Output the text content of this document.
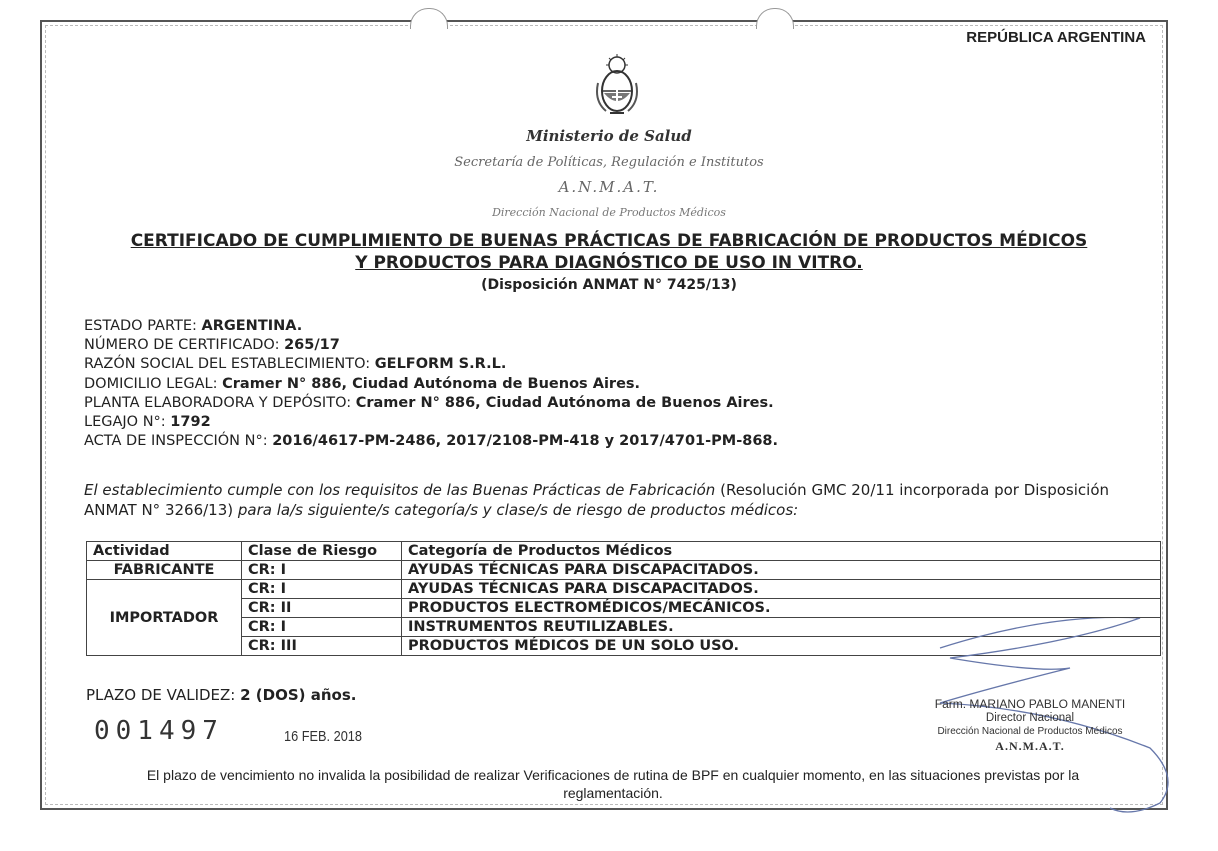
REPÚBLICA ARGENTINA
Ministerio de Salud
Secretaría de Políticas, Regulación e Institutos
A.N.M.A.T.
Dirección Nacional de Productos Médicos
CERTIFICADO DE CUMPLIMIENTO DE BUENAS PRÁCTICAS DE FABRICACIÓN DE PRODUCTOS MÉDICOS
Y PRODUCTOS PARA DIAGNÓSTICO DE USO IN VITRO.
(Disposición ANMAT N° 7425/13)
ESTADO PARTE: ARGENTINA.
NÚMERO DE CERTIFICADO: 265/17
RAZÓN SOCIAL DEL ESTABLECIMIENTO: GELFORM S.R.L.
DOMICILIO LEGAL: Cramer N° 886, Ciudad Autónoma de Buenos Aires.
PLANTA ELABORADORA Y DEPÓSITO: Cramer N° 886, Ciudad Autónoma de Buenos Aires.
LEGAJO N°: 1792
ACTA DE INSPECCIÓN N°: 2016/4617-PM-2486, 2017/2108-PM-418 y 2017/4701-PM-868.
El establecimiento cumple con los requisitos de las Buenas Prácticas de Fabricación (Resolución GMC 20/11 incorporada por Disposición ANMAT N° 3266/13) para la/s siguiente/s categoría/s y clase/s de riesgo de productos médicos:
Actividad	Clase de Riesgo	Categoría de Productos Médicos
FABRICANTE	CR: I	AYUDAS TÉCNICAS PARA DISCAPACITADOS.
IMPORTADOR	CR: I	AYUDAS TÉCNICAS PARA DISCAPACITADOS.
	CR: II	PRODUCTOS ELECTROMÉDICOS/MECÁNICOS.
	CR: I	INSTRUMENTOS REUTILIZABLES.
	CR: III	PRODUCTOS MÉDICOS DE UN SOLO USO.
PLAZO DE VALIDEZ: 2 (DOS) años.
001497	16 FEB. 2018
Farm. MARIANO PABLO MANENTI
Director Nacional
Dirección Nacional de Productos Médicos
A.N.M.A.T.
El plazo de vencimiento no invalida la posibilidad de realizar Verificaciones de rutina de BPF en cualquier momento, en las situaciones previstas por la
reglamentación.
